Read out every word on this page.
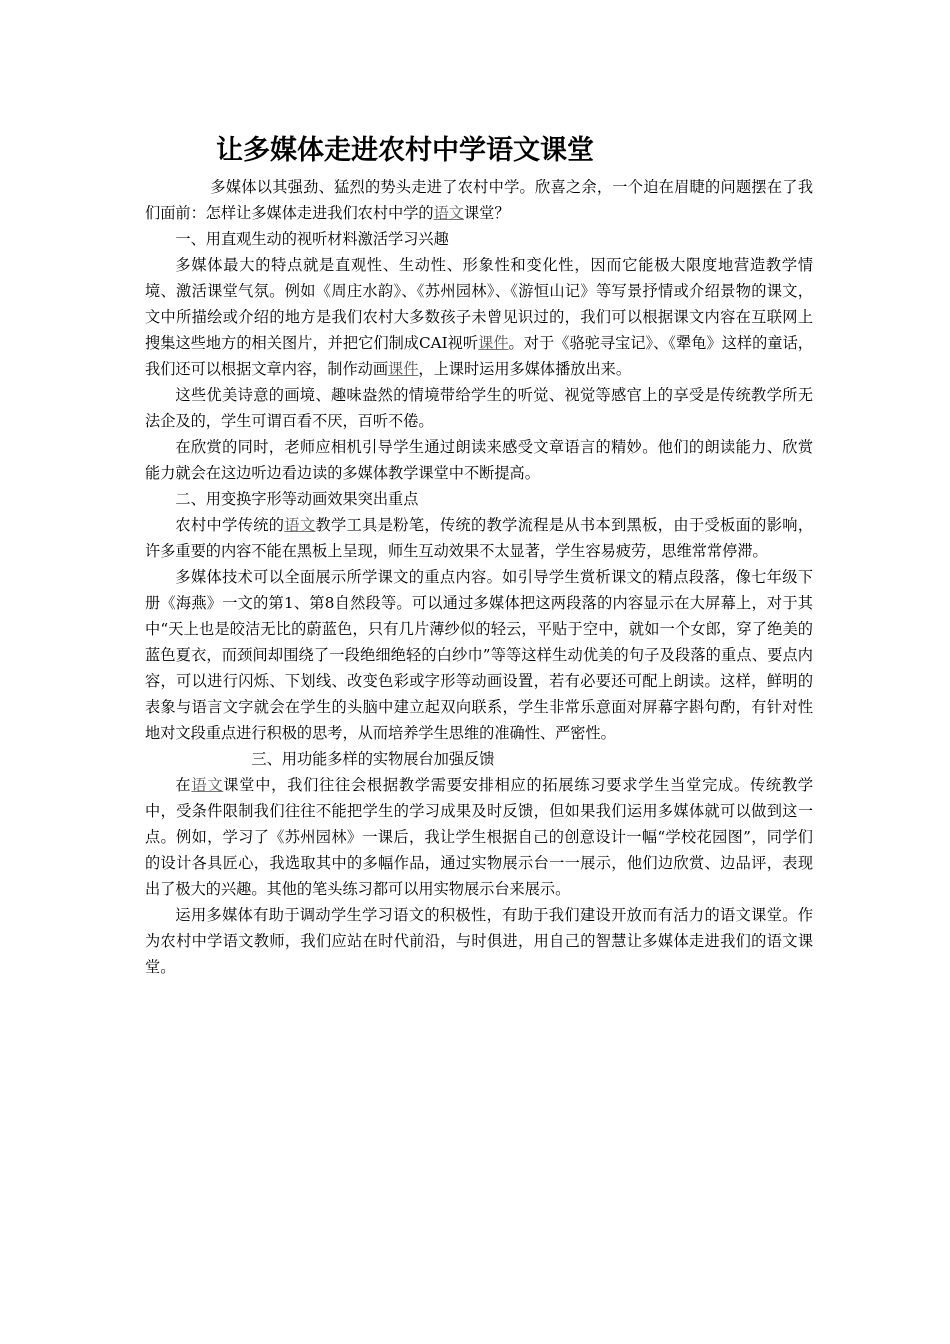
让多媒体走进农村中学语文课堂

多媒体以其强劲、猛烈的势头走进了农村中学。欣喜之余，一个迫在眉睫的问题摆在了我们面前：怎样让多媒体走进我们农村中学的语文课堂？

一、用直观生动的视听材料激活学习兴趣

多媒体最大的特点就是直观性、生动性、形象性和变化性，因而它能极大限度地营造教学情境、激活课堂气氛。例如《周庄水韵》、《苏州园林》、《游恒山记》等写景抒情或介绍景物的课文，文中所描绘或介绍的地方是我们农村大多数孩子未曾见识过的，我们可以根据课文内容在互联网上搜集这些地方的相关图片，并把它们制成CAI视听课件。对于《骆驼寻宝记》、《犟龟》这样的童话，我们还可以根据文章内容，制作动画课件，上课时运用多媒体播放出来。

这些优美诗意的画境、趣味盎然的情境带给学生的听觉、视觉等感官上的享受是传统教学所无法企及的，学生可谓百看不厌，百听不倦。

在欣赏的同时，老师应相机引导学生通过朗读来感受文章语言的精妙。他们的朗读能力、欣赏能力就会在这边听边看边读的多媒体教学课堂中不断提高。

二、用变换字形等动画效果突出重点

农村中学传统的语文教学工具是粉笔，传统的教学流程是从书本到黑板，由于受板面的影响，许多重要的内容不能在黑板上呈现，师生互动效果不太显著，学生容易疲劳，思维常常停滞。

多媒体技术可以全面展示所学课文的重点内容。如引导学生赏析课文的精点段落，像七年级下册《海燕》一文的第1、第8自然段等。可以通过多媒体把这两段落的内容显示在大屏幕上，对于其中“天上也是皎洁无比的蔚蓝色，只有几片薄纱似的轻云，平贴于空中，就如一个女郎，穿了绝美的蓝色夏衣，而颈间却围绕了一段绝细绝轻的白纱巾”等等这样生动优美的句子及段落的重点、要点内容，可以进行闪烁、下划线、改变色彩或字形等动画设置，若有必要还可配上朗读。这样，鲜明的表象与语言文字就会在学生的头脑中建立起双向联系，学生非常乐意面对屏幕字斟句酌，有针对性地对文段重点进行积极的思考，从而培养学生思维的准确性、严密性。

三、用功能多样的实物展台加强反馈

在语文课堂中，我们往往会根据教学需要安排相应的拓展练习要求学生当堂完成。传统教学中，受条件限制我们往往不能把学生的学习成果及时反馈，但如果我们运用多媒体就可以做到这一点。例如，学习了《苏州园林》一课后，我让学生根据自己的创意设计一幅“学校花园图”，同学们的设计各具匠心，我选取其中的多幅作品，通过实物展示台一一展示，他们边欣赏、边品评，表现出了极大的兴趣。其他的笔头练习都可以用实物展示台来展示。

运用多媒体有助于调动学生学习语文的积极性，有助于我们建设开放而有活力的语文课堂。作为农村中学语文教师，我们应站在时代前沿，与时俱进，用自己的智慧让多媒体走进我们的语文课堂。
